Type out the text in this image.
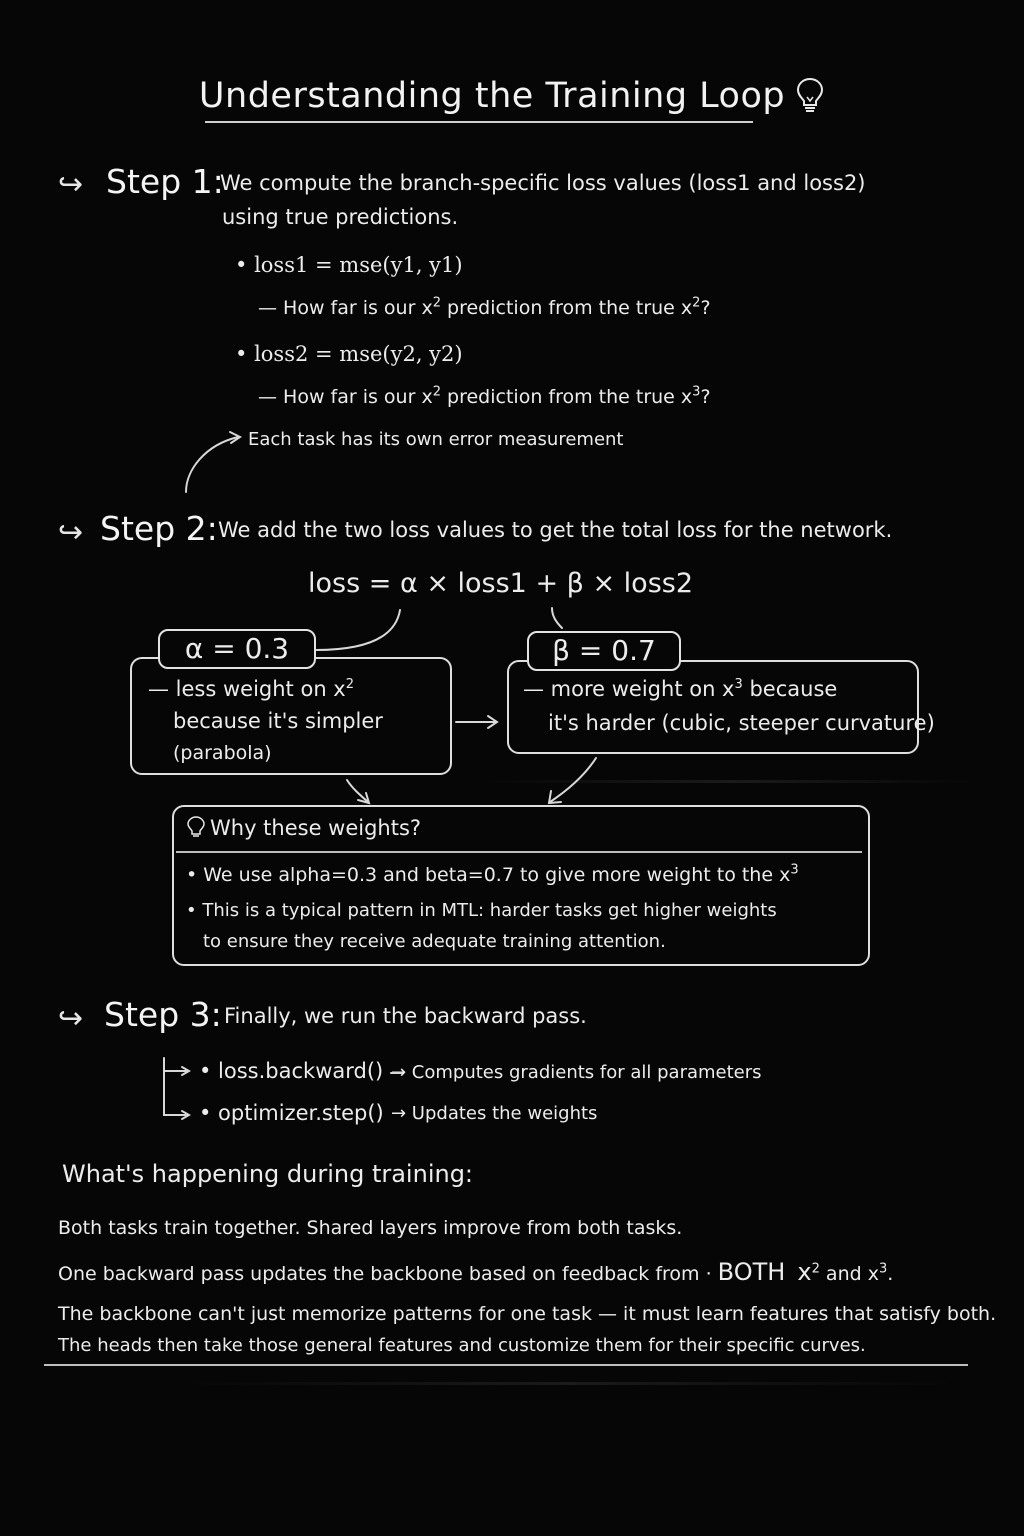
Understanding the Training Loop
↪ Step 1:
We compute the branch-specific loss values (loss1 and loss2)
using true predictions.
• loss1 = mse(y1, y1)
— How far is our $x^2$ prediction from the true $x^2$?
• loss2 = mse(y2, y2)
— How far is our $x^2$ prediction from the true $x^3$?
Each task has its own error measurement
↪ Step 2: We add the two loss values to get the total loss for the network.
loss = α × loss1 + β × loss2
α = 0.3
— less weight on $x^2$
because it's simpler
(parabola)
β = 0.7
— more weight on $x^3$ because
it's harder (cubic, steeper curvature)
Why these weights?
• We use alpha=0.3 and beta=0.7 to give more weight to the $x^3$
• This is a typical pattern in MTL: harder tasks get higher weights
to ensure they receive adequate training attention.
↪ Step 3: Finally, we run the backward pass.
• loss.backward() → Computes gradients for all parameters
• optimizer.step() → Updates the weights
What's happening during training:
Both tasks train together. Shared layers improve from both tasks.
One backward pass updates the backbone based on feedback from · BOTH $x^2$ and $x^3$.
The backbone can't just memorize patterns for one task — it must learn features that satisfy both.
The heads then take those general features and customize them for their specific curves.
